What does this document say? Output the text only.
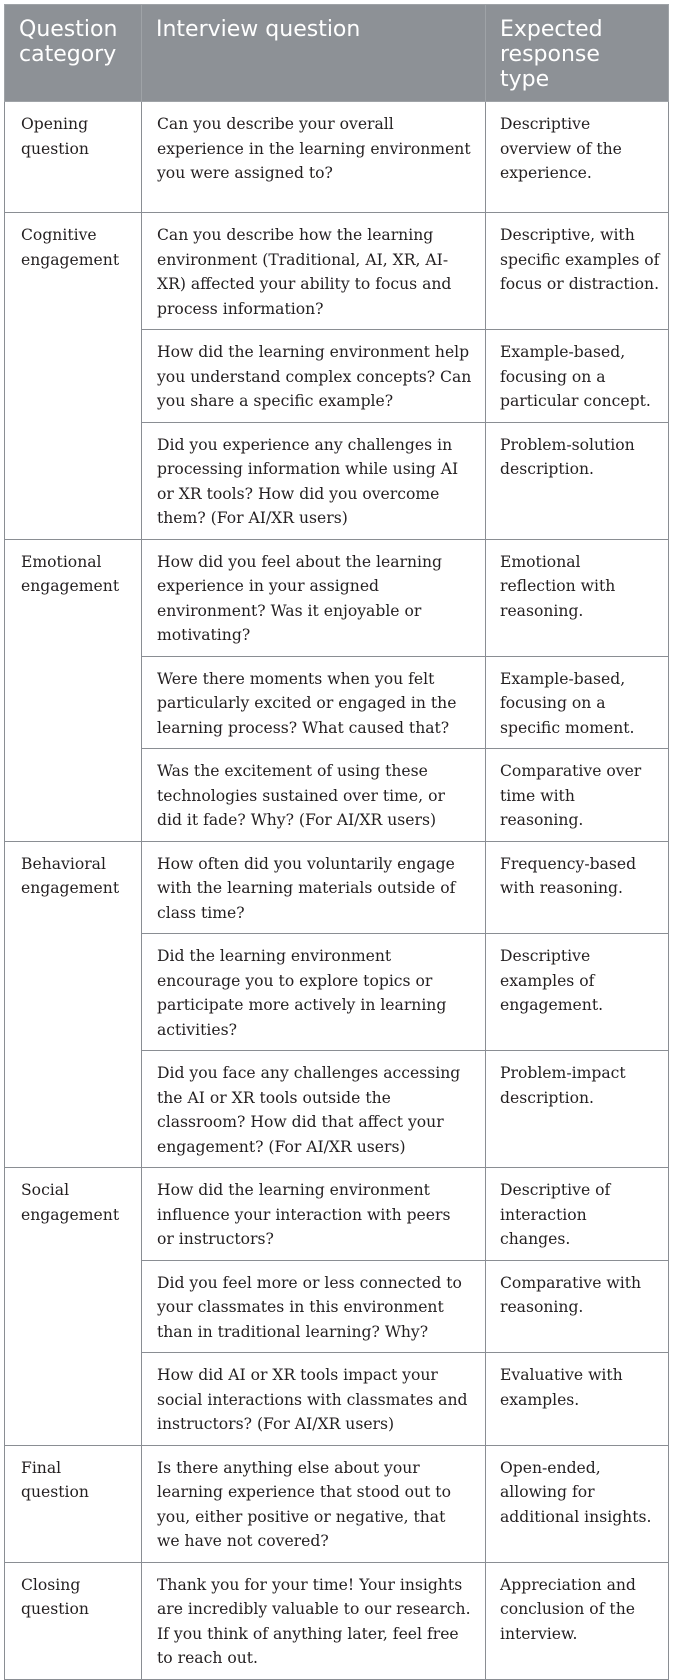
Question category	Interview question	Expected response type
Opening question	Can you describe your overall experience in the learning environment you were assigned to?	Descriptive overview of the experience.
Cognitive engagement	Can you describe how the learning environment (Traditional, AI, XR, AI-XR) affected your ability to focus and process information?	Descriptive, with specific examples of focus or distraction.
	How did the learning environment help you understand complex concepts? Can you share a specific example?	Example-based, focusing on a particular concept.
	Did you experience any challenges in processing information while using AI or XR tools? How did you overcome them? (For AI/XR users)	Problem-solution description.
Emotional engagement	How did you feel about the learning experience in your assigned environment? Was it enjoyable or motivating?	Emotional reflection with reasoning.
	Were there moments when you felt particularly excited or engaged in the learning process? What caused that?	Example-based, focusing on a specific moment.
	Was the excitement of using these technologies sustained over time, or did it fade? Why? (For AI/XR users)	Comparative over time with reasoning.
Behavioral engagement	How often did you voluntarily engage with the learning materials outside of class time?	Frequency-based with reasoning.
	Did the learning environment encourage you to explore topics or participate more actively in learning activities?	Descriptive examples of engagement.
	Did you face any challenges accessing the AI or XR tools outside the classroom? How did that affect your engagement? (For AI/XR users)	Problem-impact description.
Social engagement	How did the learning environment influence your interaction with peers or instructors?	Descriptive of interaction changes.
	Did you feel more or less connected to your classmates in this environment than in traditional learning? Why?	Comparative with reasoning.
	How did AI or XR tools impact your social interactions with classmates and instructors? (For AI/XR users)	Evaluative with examples.
Final question	Is there anything else about your learning experience that stood out to you, either positive or negative, that we have not covered?	Open-ended, allowing for additional insights.
Closing question	Thank you for your time! Your insights are incredibly valuable to our research. If you think of anything later, feel free to reach out.	Appreciation and conclusion of the interview.
